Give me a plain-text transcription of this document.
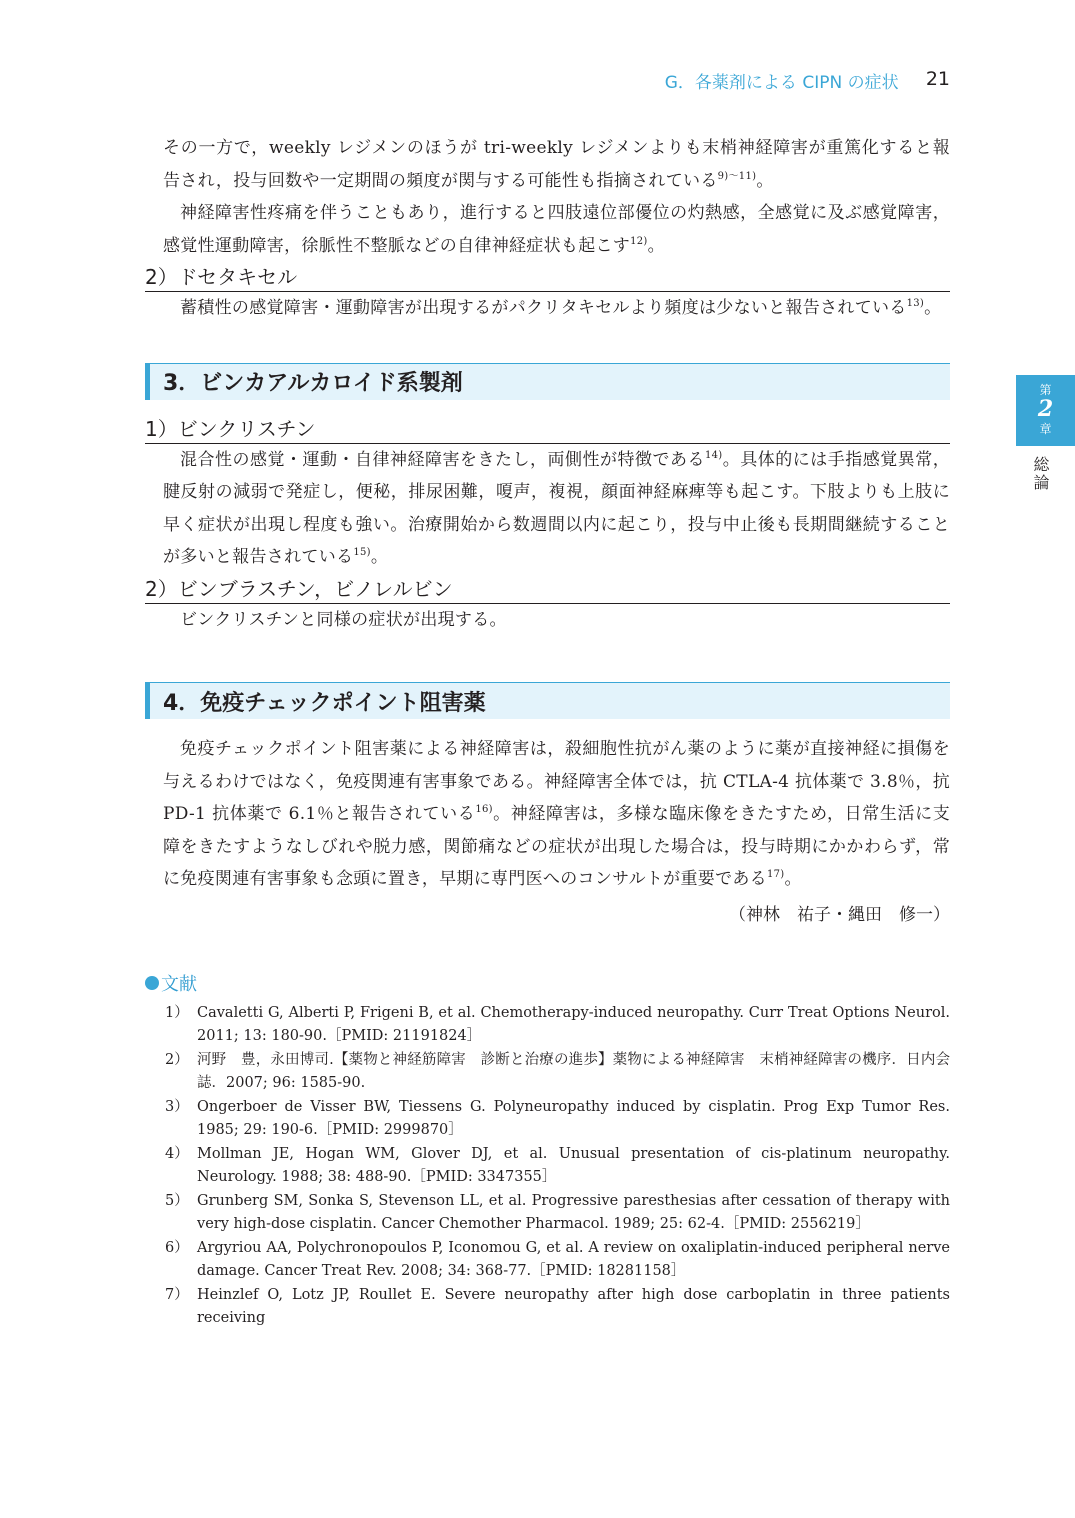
G．各薬剤による CIPN の症状	21
第
2
章
総論

その一方で，weekly レジメンのほうが tri-weekly レジメンよりも末梢神経障害が重篤化すると報告され，投与回数や一定期間の頻度が関与する可能性も指摘されている$^{9)\sim 11)}$。

神経障害性疼痛を伴うこともあり，進行すると四肢遠位部優位の灼熱感，全感覚に及ぶ感覚障害，感覚性運動障害，徐脈性不整脈などの自律神経症状も起こす$^{12)}$。

2）ドセタキセル

蓄積性の感覚障害・運動障害が出現するがパクリタキセルより頻度は少ないと報告されている$^{13)}$。

3．ビンカアルカロイド系製剤
1）ビンクリスチン

混合性の感覚・運動・自律神経障害をきたし，両側性が特徴である$^{14)}$。具体的には手指感覚異常，腱反射の減弱で発症し，便秘，排尿困難，嗄声，複視，顔面神経麻痺等も起こす。下肢よりも上肢に早く症状が出現し程度も強い。治療開始から数週間以内に起こり，投与中止後も長期間継続することが多いと報告されている$^{15)}$。

2）ビンブラスチン，ビノレルビン

ビンクリスチンと同様の症状が出現する。

4．免疫チェックポイント阻害薬

免疫チェックポイント阻害薬による神経障害は，殺細胞性抗がん薬のように薬が直接神経に損傷を与えるわけではなく，免疫関連有害事象である。神経障害全体では，抗 CTLA-4 抗体薬で 3.8％，抗 PD-1 抗体薬で 6.1％と報告されている$^{16)}$。神経障害は，多様な臨床像をきたすため，日常生活に支障をきたすようなしびれや脱力感，関節痛などの症状が出現した場合は，投与時期にかかわらず，常に免疫関連有害事象も念頭に置き，早期に専門医へのコンサルトが重要である$^{17)}$。

（神林　祐子・縄田　修一）
文献
1） Cavaletti G, Alberti P, Frigeni B, et al. Chemotherapy-induced neuropathy. Curr Treat Options Neurol. 2011; 13: 180-90.［PMID: 21191824］
2） 河野　豊，永田博司.【薬物と神経筋障害　診断と治療の進歩】薬物による神経障害　末梢神経障害の機序．日内会誌．2007; 96: 1585-90.
3） Ongerboer de Visser BW, Tiessens G. Polyneuropathy induced by cisplatin. Prog Exp Tumor Res. 1985; 29: 190-6.［PMID: 2999870］
4） Mollman JE, Hogan WM, Glover DJ, et al. Unusual presentation of cis-platinum neuropathy. Neurology. 1988; 38: 488-90.［PMID: 3347355］
5） Grunberg SM, Sonka S, Stevenson LL, et al. Progressive paresthesias after cessation of therapy with very high-dose cisplatin. Cancer Chemother Pharmacol. 1989; 25: 62-4.［PMID: 2556219］
6） Argyriou AA, Polychronopoulos P, Iconomou G, et al. A review on oxaliplatin-induced peripheral nerve damage. Cancer Treat Rev. 2008; 34: 368-77.［PMID: 18281158］
7） Heinzlef O, Lotz JP, Roullet E. Severe neuropathy after high dose carboplatin in three patients receiving
